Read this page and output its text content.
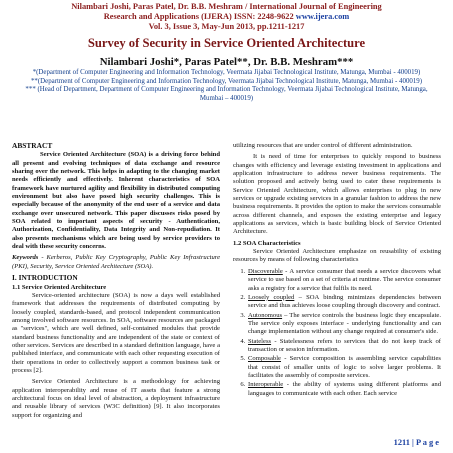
Nilambari Joshi, Paras Patel, Dr. B.B. Meshram / International Journal of Engineering
Research and Applications (IJERA) ISSN: 2248-9622 www.ijera.com
Vol. 3, Issue 3, May-Jun 2013, pp.1211-1217
Survey of Security in Service Oriented Architecture
Nilambari Joshi*, Paras Patel**, Dr. B.B. Meshram***

*(Department of Computer Engineering and Information Technology, Veermata Jijabai Technological Institute, Matunga, Mumbai - 400019)

**(Department of Computer Engineering and Information Technology, Veermata Jijabai Technological Institute, Matunga, Mumbai - 400019)

*** (Head of Department, Department of Computer Engineering and Information Technology, Veermata Jijabai Technological Institute, Matunga, Mumbai – 400019)

ABSTRACT

Service Oriented Architecture (SOA) is a driving force behind all present and evolving techniques of data exchange and resource sharing over the network. This helps in adapting to the changing market needs efficiently and effectively. Inherent characteristics of SOA framework have nurtured agility and flexibility in distributed computing environment but also have posed high security challenges. This is especially because of the anonymity of the end user of a service and data exchange over unsecured network. This paper discusses risks posed by SOA related to important aspects of security - Authentication, Authorization, Confidentiality, Data Integrity and Non-repudiation. It also presents mechanisms which are being used by service providers to deal with these security concerns.

Keywords - Kerberos, Public Key Cryptography, Public Key Infrastructure (PKI), Security, Service Oriented Architecture (SOA).

I. INTRODUCTION
1.1 Service Oriented Architecture

Service-oriented architecture (SOA) is now a days well established framework that addresses the requirements of distributed computing by loosely coupled, standards-based, and protocol independent communication among involved software resources. In SOA, software resources are packaged as "services", which are well defined, self-contained modules that provide standard business functionality and are independent of the state or context of other services. Services are described in a standard definition language, have a published interface, and communicate with each other requesting execution of their operations in order to collectively support a common business task or process [2].

Service Oriented Architecture is a methodology for achieving application interoperability and reuse of IT assets that feature a strong architectural focus on ideal level of abstraction, a deployment infrastructure and reusable library of services (W3C definition) [9]. It also incorporates support for organizing and

utilizing resources that are under control of different administration.

It is need of time for enterprises to quickly respond to business changes with efficiency and leverage existing investment in applications and application infrastructure to address newer business requirements. The solution proposed and actively being used to cater these requirements is Service Oriented Architecture, which allows enterprises to plug in new services or upgrade existing services in a granular fashion to address the new business requirements. It provides the option to make the services consumable across different channels, and exposes the existing enterprise and legacy applications as services, which is basic building block of Service Oriented Architecture.

1.2 SOA Characteristics

Service Oriented Architecture emphasize on reusability of existing resources by means of following characteristics

1. Discoverable - A service consumer that needs a service discovers what service to use based on a set of criteria at runtime. The service consumer asks a registry for a service that fulfils its need.
2. Loosely coupled – SOA binding minimizes dependencies between service and thus achieves loose coupling through discovery and contract.
3. Autonomous – The service controls the business logic they encapsulate. The service only exposes interface - underlying functionality and can change implementation without any change required at consumer's side.
4. Stateless - Statelessness refers to services that do not keep track of transaction or session information.
5. Composable - Service composition is assembling service capabilities that consist of smaller units of logic to solve larger problems. It facilitates the assembly of composite services.
6. Interoperable - the ability of systems using different platforms and languages to communicate with each other. Each service
1211 | P a g e
